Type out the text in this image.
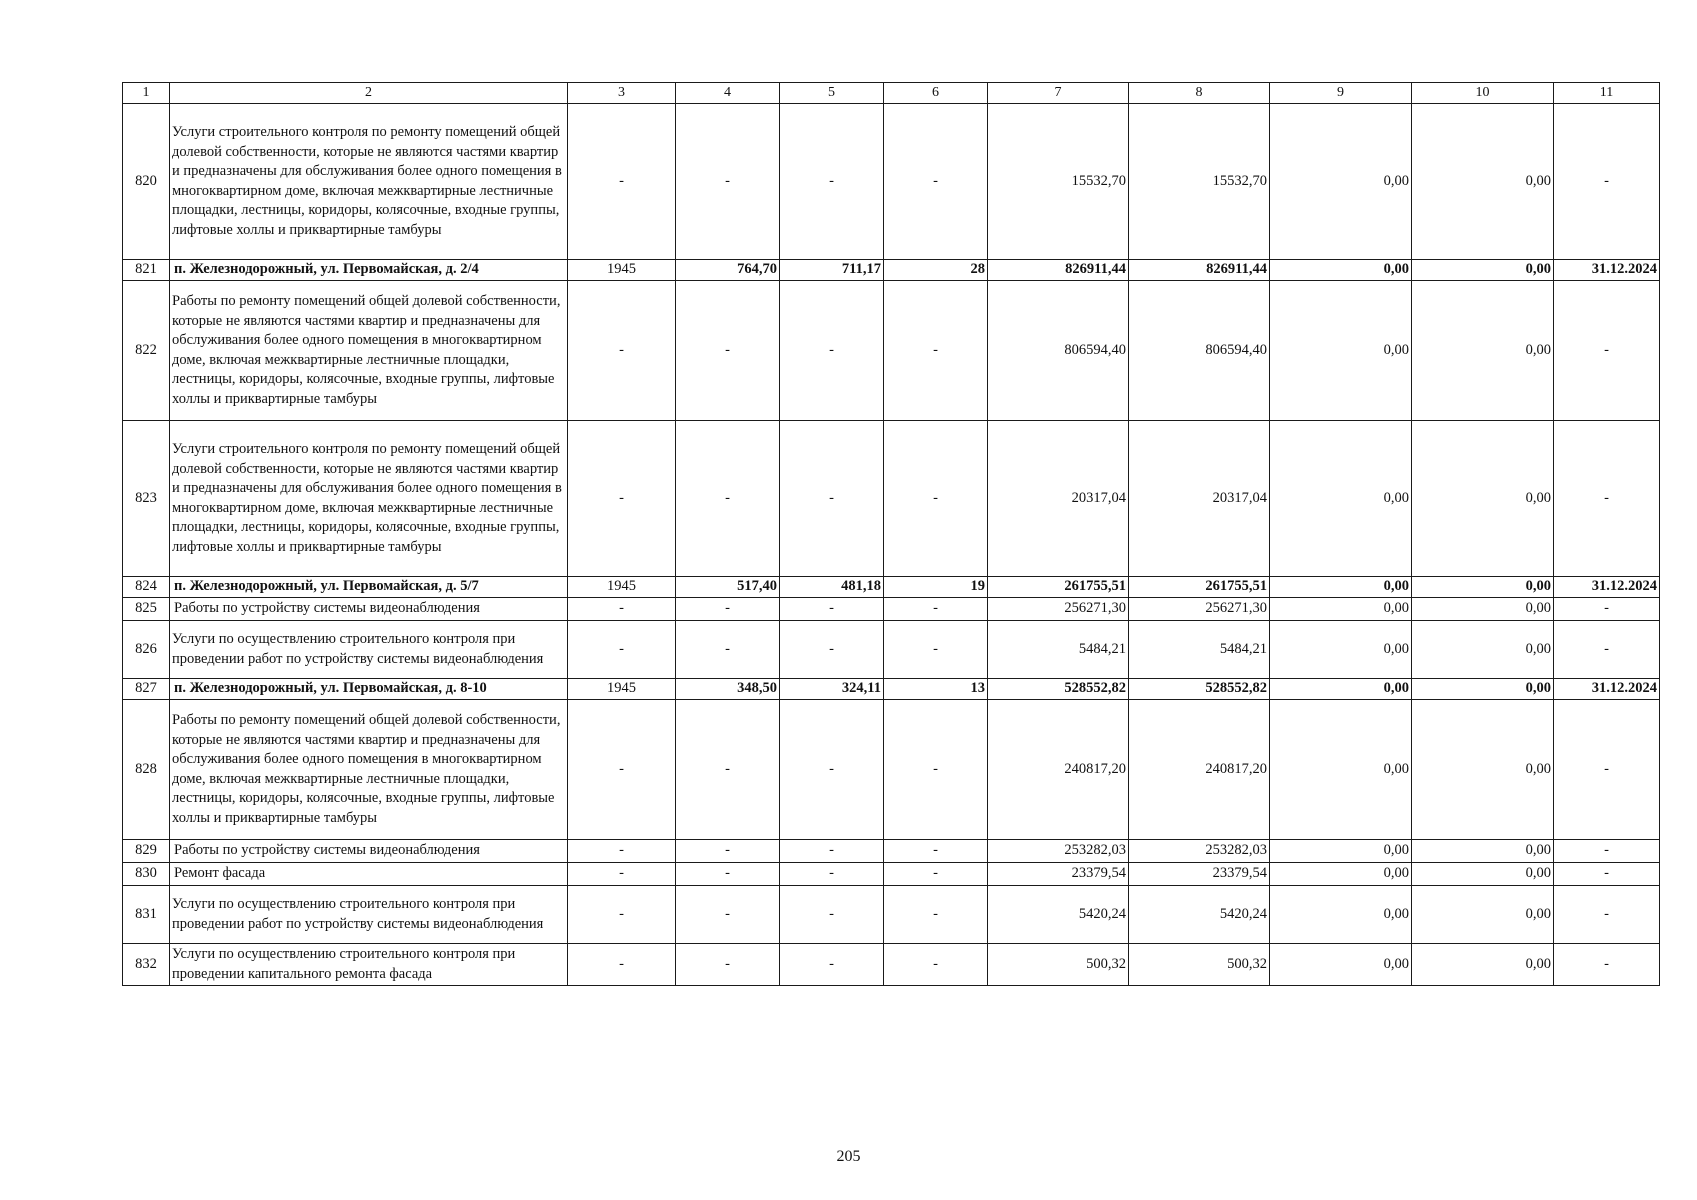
1	2	3	4	5	6	7	8	9	10	11
820	Услуги строительного контроля по ремонту помещений общей долевой собственности, которые не являются частями квартир и предназначены для обслуживания более одного помещения в многоквартирном доме, включая межквартирные лестничные площадки, лестницы, коридоры, колясочные, входные группы, лифтовые холлы и приквартирные тамбуры	-	-	-	-	15532,70	15532,70	0,00	0,00	-
821	п. Железнодорожный, ул. Первомайская, д. 2/4	1945	764,70	711,17	28	826911,44	826911,44	0,00	0,00	31.12.2024
822	Работы по ремонту помещений общей долевой собственности, которые не являются частями квартир и предназначены для обслуживания более одного помещения в многоквартирном доме, включая межквартирные лестничные площадки, лестницы, коридоры, колясочные, входные группы, лифтовые холлы и приквартирные тамбуры	-	-	-	-	806594,40	806594,40	0,00	0,00	-
823	Услуги строительного контроля по ремонту помещений общей долевой собственности, которые не являются частями квартир и предназначены для обслуживания более одного помещения в многоквартирном доме, включая межквартирные лестничные площадки, лестницы, коридоры, колясочные, входные группы, лифтовые холлы и приквартирные тамбуры	-	-	-	-	20317,04	20317,04	0,00	0,00	-
824	п. Железнодорожный, ул. Первомайская, д. 5/7	1945	517,40	481,18	19	261755,51	261755,51	0,00	0,00	31.12.2024
825	Работы по устройству системы видеонаблюдения	-	-	-	-	256271,30	256271,30	0,00	0,00	-
826	Услуги по осуществлению строительного контроля при проведении работ по устройству системы видеонаблюдения	-	-	-	-	5484,21	5484,21	0,00	0,00	-
827	п. Железнодорожный, ул. Первомайская, д. 8-10	1945	348,50	324,11	13	528552,82	528552,82	0,00	0,00	31.12.2024
828	Работы по ремонту помещений общей долевой собственности, которые не являются частями квартир и предназначены для обслуживания более одного помещения в многоквартирном доме, включая межквартирные лестничные площадки, лестницы, коридоры, колясочные, входные группы, лифтовые холлы и приквартирные тамбуры	-	-	-	-	240817,20	240817,20	0,00	0,00	-
829	Работы по устройству системы видеонаблюдения	-	-	-	-	253282,03	253282,03	0,00	0,00	-
830	Ремонт фасада	-	-	-	-	23379,54	23379,54	0,00	0,00	-
831	Услуги по осуществлению строительного контроля при проведении работ по устройству системы видеонаблюдения	-	-	-	-	5420,24	5420,24	0,00	0,00	-
832	Услуги по осуществлению строительного контроля при проведении капитального ремонта фасада	-	-	-	-	500,32	500,32	0,00	0,00	-
205
